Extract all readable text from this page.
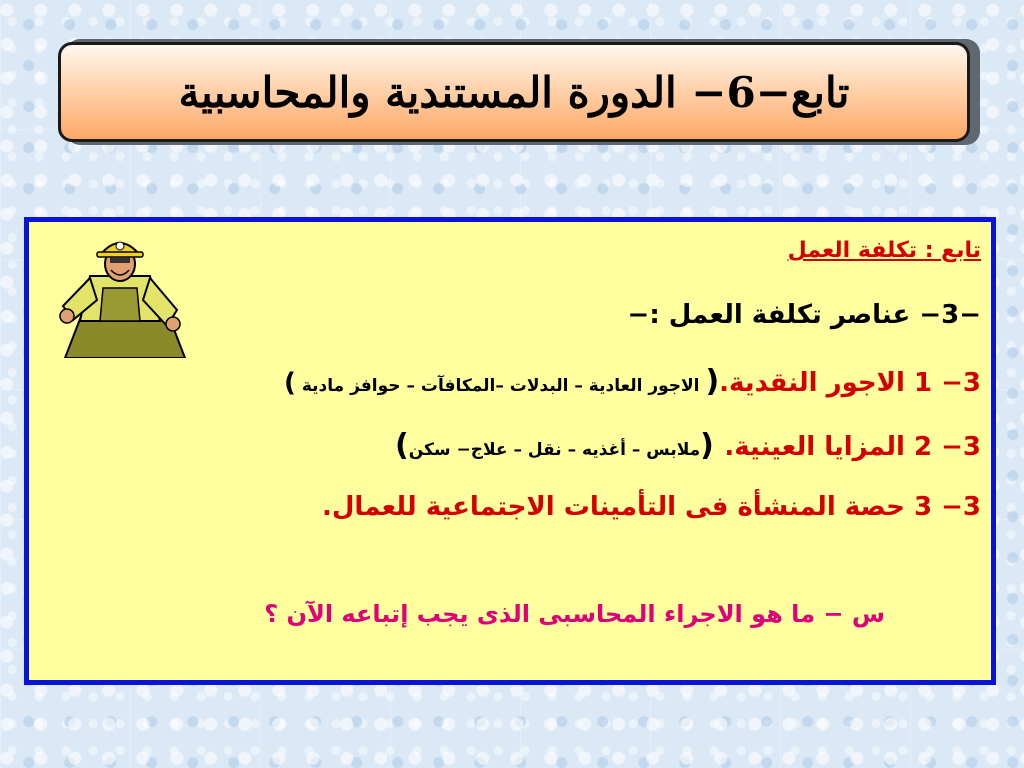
تابع−6− الدورة المستندية والمحاسبية
تابع : تكلفة العمل
−3− عناصر تكلفة العمل :−
3− 1 الاجور النقدية.( الاجور العادية – البدلات –المكافآت – حوافز مادية )
3− 2 المزايا العينية. (ملابس – أغذيه – نقل – علاج− سكن)
3− 3 حصة المنشأة فى التأمينات الاجتماعية للعمال.
س − ما هو الاجراء المحاسبى الذى يجب إتباعه الآن ؟
